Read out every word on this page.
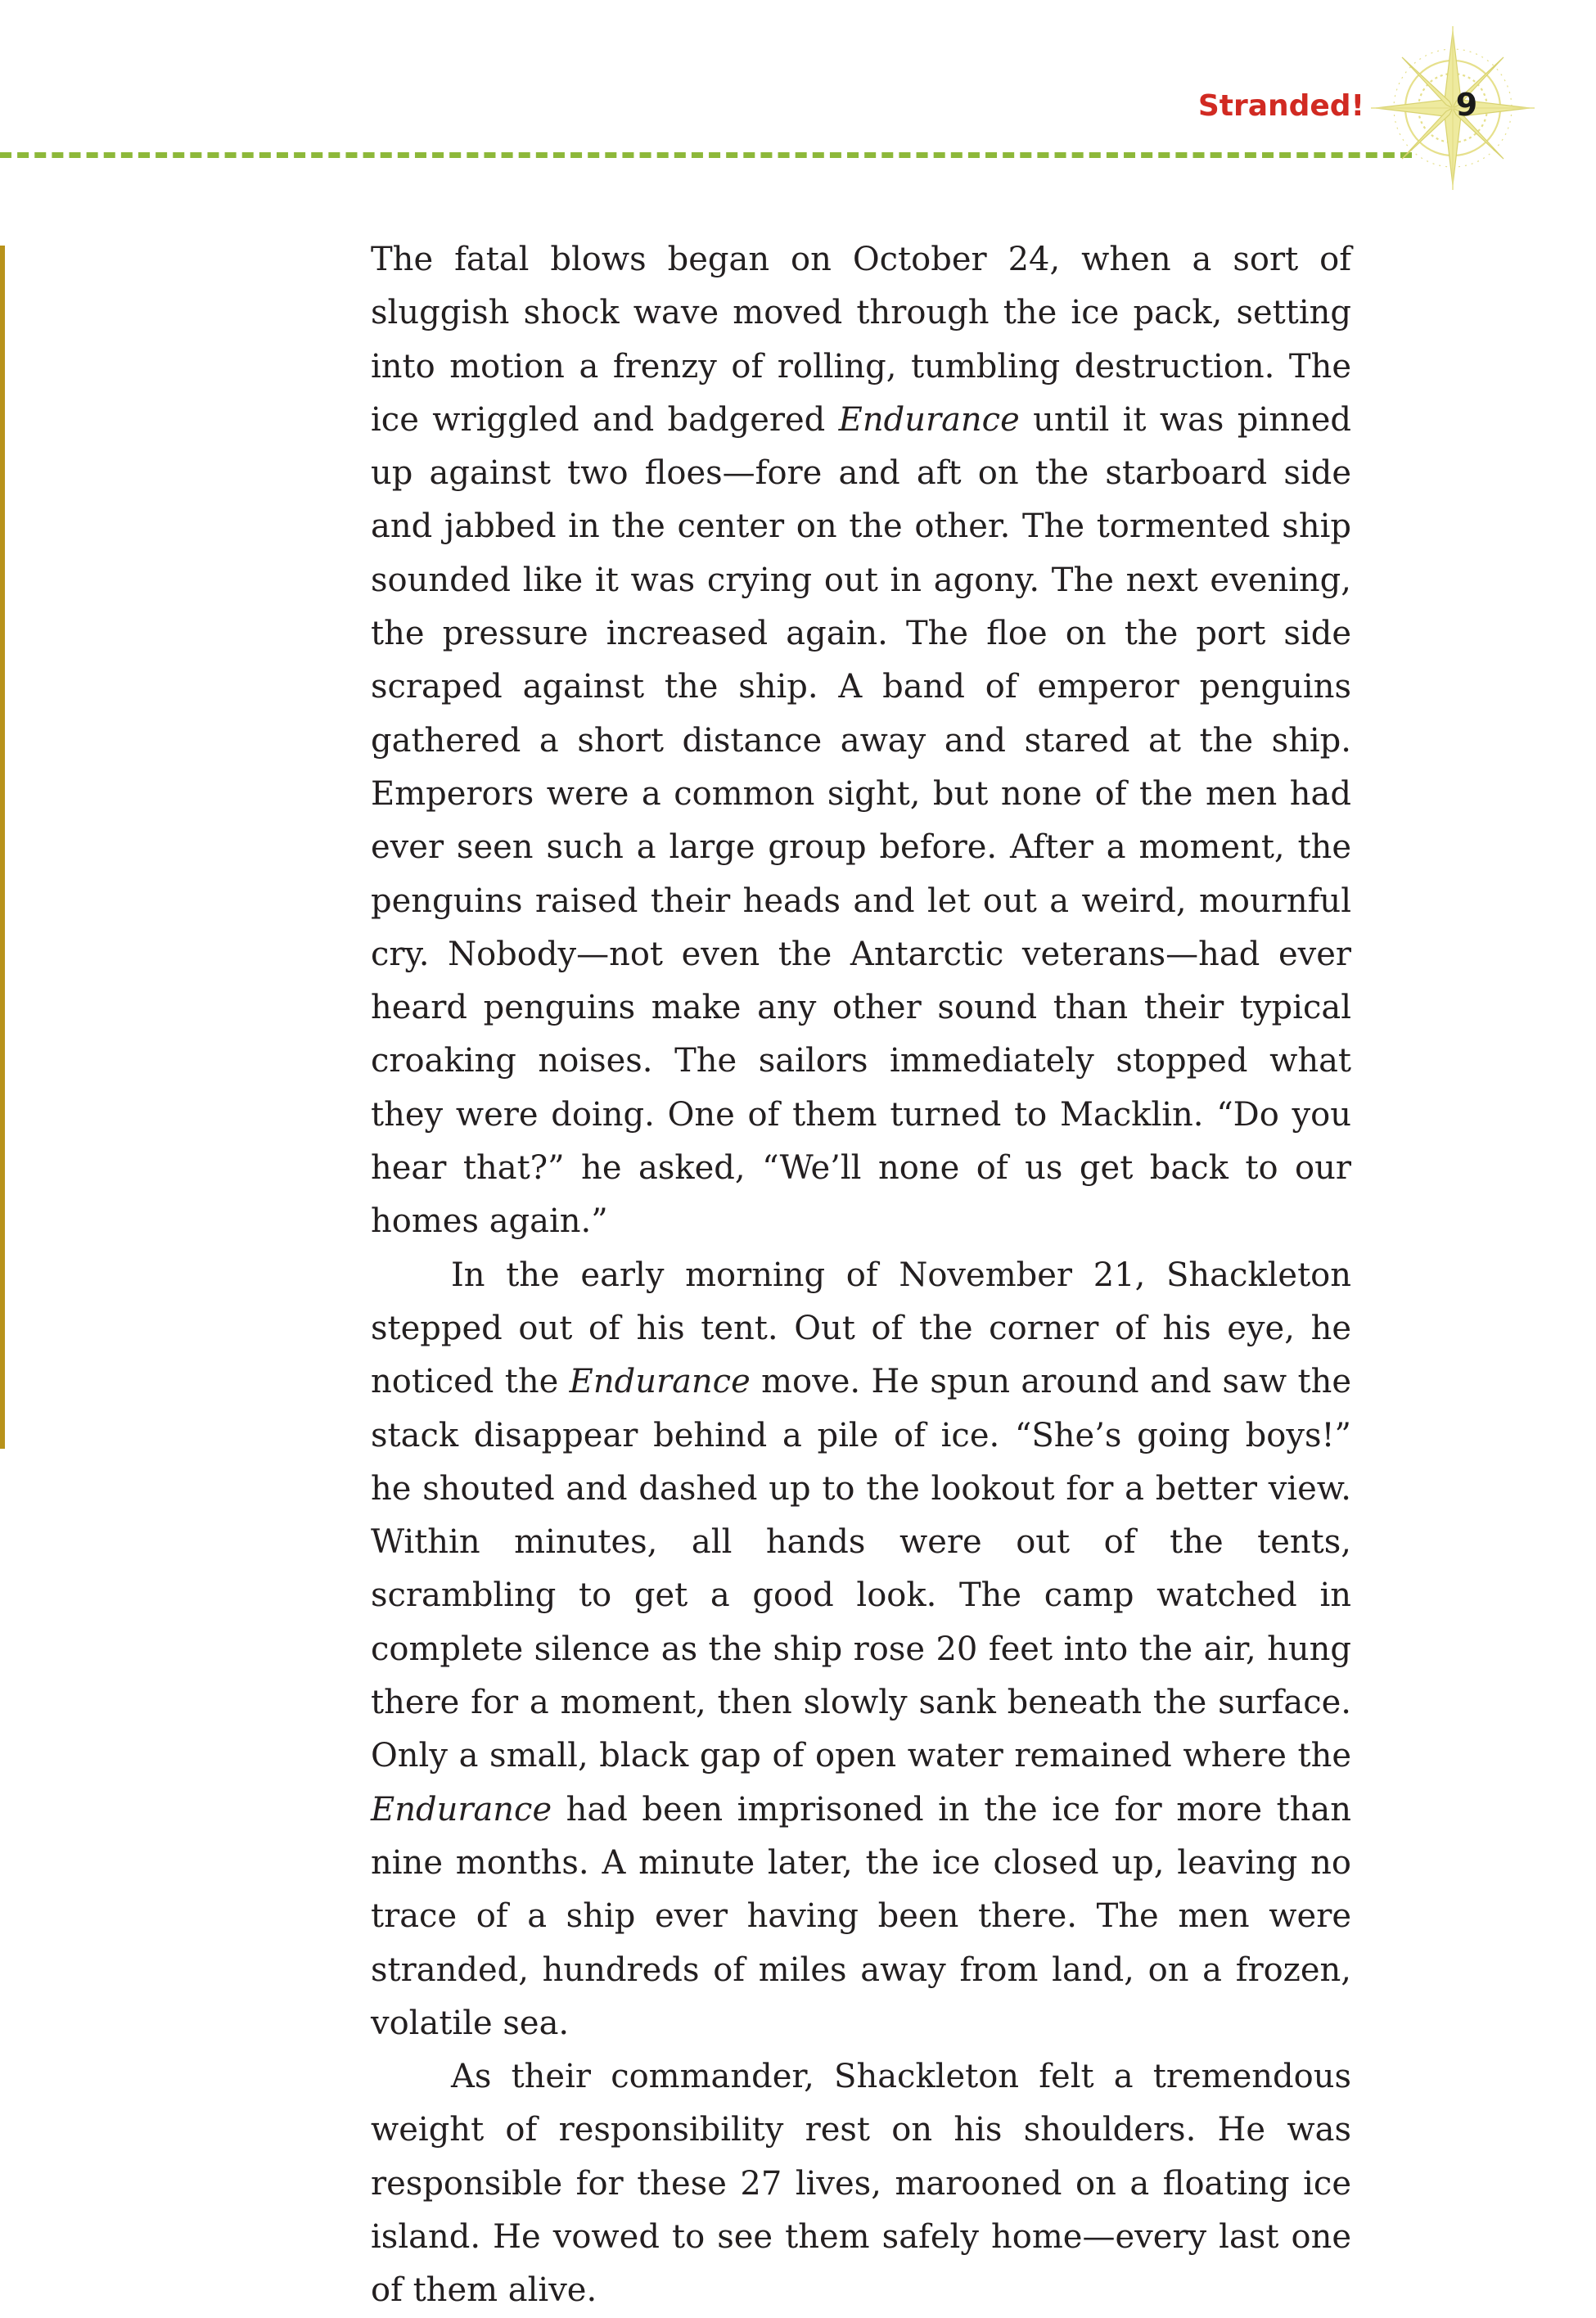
Stranded!	9

The fatal blows began on October 24, when a sort of sluggish shock wave moved through the ice pack, setting into motion a frenzy of rolling, tumbling destruction. The ice wriggled and badgered Endurance until it was pinned up against two floes—fore and aft on the starboard side and jabbed in the center on the other. The tormented ship sounded like it was crying out in agony. The next evening, the pressure increased again. The floe on the port side scraped against the ship. A band of emperor penguins gathered a short distance away and stared at the ship. Emperors were a common sight, but none of the men had ever seen such a large group before. After a moment, the penguins raised their heads and let out a weird, mournful cry. Nobody—not even the Antarctic veterans—had ever heard penguins make any other sound than their typical croaking noises. The sailors immediately stopped what they were doing. One of them turned to Macklin. “Do you hear that?” he asked, “We’ll none of us get back to our homes again.”

In the early morning of November 21, Shackleton stepped out of his tent. Out of the corner of his eye, he noticed the Endurance move. He spun around and saw the stack disappear behind a pile of ice. “She’s going boys!” he shouted and dashed up to the lookout for a better view. Within minutes, all hands were out of the tents, scrambling to get a good look. The camp watched in complete silence as the ship rose 20 feet into the air, hung there for a moment, then slowly sank beneath the surface. Only a small, black gap of open water remained where the Endurance had been imprisoned in the ice for more than nine months. A minute later, the ice closed up, leaving no trace of a ship ever having been there. The men were stranded, hundreds of miles away from land, on a frozen, volatile sea.

As their commander, Shackleton felt a tremendous weight of responsibility rest on his shoulders. He was responsible for these 27 lives, marooned on a floating ice island. He vowed to see them safely home—every last one of them alive.
